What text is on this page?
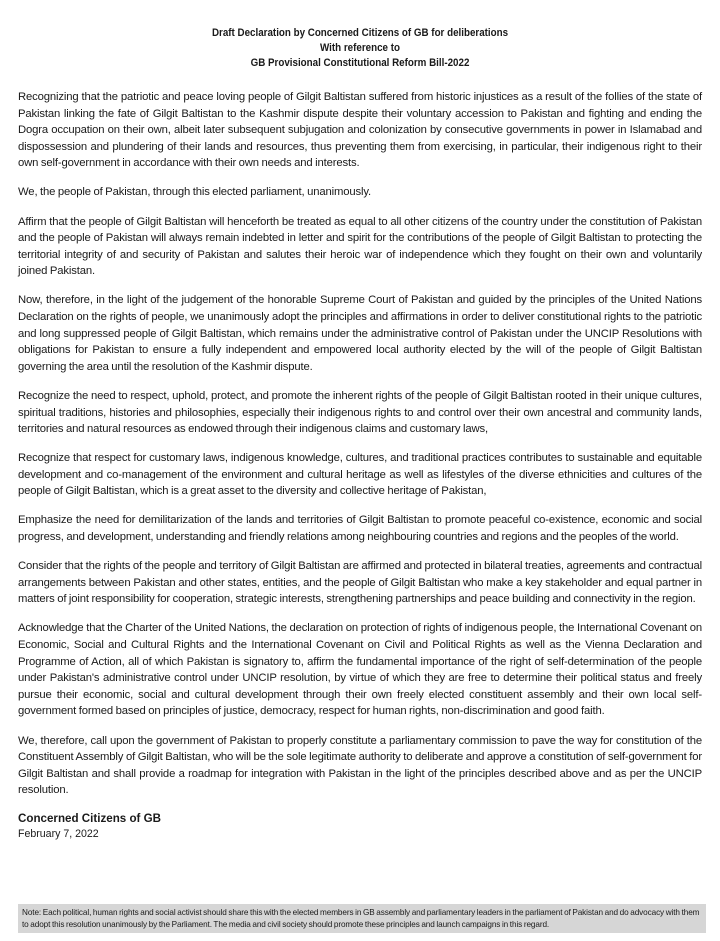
Draft Declaration by Concerned Citizens of GB for deliberations
With reference to
GB Provisional Constitutional Reform Bill-2022

Recognizing that the patriotic and peace loving people of Gilgit Baltistan suffered from historic injustices as a result of the follies of the state of Pakistan linking the fate of Gilgit Baltistan to the Kashmir dispute despite their voluntary accession to Pakistan and fighting and ending the Dogra occupation on their own, albeit later subsequent subjugation and colonization by consecutive governments in power in Islamabad and dispossession and plundering of their lands and resources, thus preventing them from exercising, in particular, their indigenous right to their own self-government in accordance with their own needs and interests.

We, the people of Pakistan, through this elected parliament, unanimously.

Affirm that the people of Gilgit Baltistan will henceforth be treated as equal to all other citizens of the country under the constitution of Pakistan and the people of Pakistan will always remain indebted in letter and spirit for the contributions of the people of Gilgit Baltistan to protecting the territorial integrity of and security of Pakistan and salutes their heroic war of independence which they fought on their own and voluntarily joined Pakistan.

Now, therefore, in the light of the judgement of the honorable Supreme Court of Pakistan and guided by the principles of the United Nations Declaration on the rights of people, we unanimously adopt the principles and affirmations in order to deliver constitutional rights to the patriotic and long suppressed people of Gilgit Baltistan, which remains under the administrative control of Pakistan under the UNCIP Resolutions with obligations for Pakistan to ensure a fully independent and empowered local authority elected by the will of the people of Gilgit Baltistan governing the area until the resolution of the Kashmir dispute.

Recognize the need to respect, uphold, protect, and promote the inherent rights of the people of Gilgit Baltistan rooted in their unique cultures, spiritual traditions, histories and philosophies, especially their indigenous rights to and control over their own ancestral and community lands, territories and natural resources as endowed through their indigenous claims and customary laws,

Recognize that respect for customary laws, indigenous knowledge, cultures, and traditional practices contributes to sustainable and equitable development and co-management of the environment and cultural heritage as well as lifestyles of the diverse ethnicities and cultures of the people of Gilgit Baltistan, which is a great asset to the diversity and collective heritage of Pakistan,

Emphasize the need for demilitarization of the lands and territories of Gilgit Baltistan to promote peaceful co-existence, economic and social progress, and development, understanding and friendly relations among neighbouring countries and regions and the peoples of the world.

Consider that the rights of the people and territory of Gilgit Baltistan are affirmed and protected in bilateral treaties, agreements and contractual arrangements between Pakistan and other states, entities, and the people of Gilgit Baltistan who make a key stakeholder and equal partner in matters of joint responsibility for cooperation, strategic interests, strengthening partnerships and peace building and connectivity in the region.

Acknowledge that the Charter of the United Nations, the declaration on protection of rights of indigenous people, the International Covenant on Economic, Social and Cultural Rights and the International Covenant on Civil and Political Rights as well as the Vienna Declaration and Programme of Action, all of which Pakistan is signatory to, affirm the fundamental importance of the right of self-determination of the people under Pakistan's administrative control under UNCIP resolution, by virtue of which they are free to determine their political status and freely pursue their economic, social and cultural development through their own freely elected constituent assembly and their own local self-government formed based on principles of justice, democracy, respect for human rights, non-discrimination and good faith.

We, therefore, call upon the government of Pakistan to properly constitute a parliamentary commission to pave the way for constitution of the Constituent Assembly of Gilgit Baltistan, who will be the sole legitimate authority to deliberate and approve a constitution of self-government for Gilgit Baltistan and shall provide a roadmap for integration with Pakistan in the light of the principles described above and as per the UNCIP resolution.

Concerned Citizens of GB
February 7, 2022
Note: Each political, human rights and social activist should share this with the elected members in GB assembly and parliamentary leaders in the parliament of Pakistan and do advocacy with them to adopt this resolution unanimously by the Parliament. The media and civil society should promote these principles and launch campaigns in this regard.
